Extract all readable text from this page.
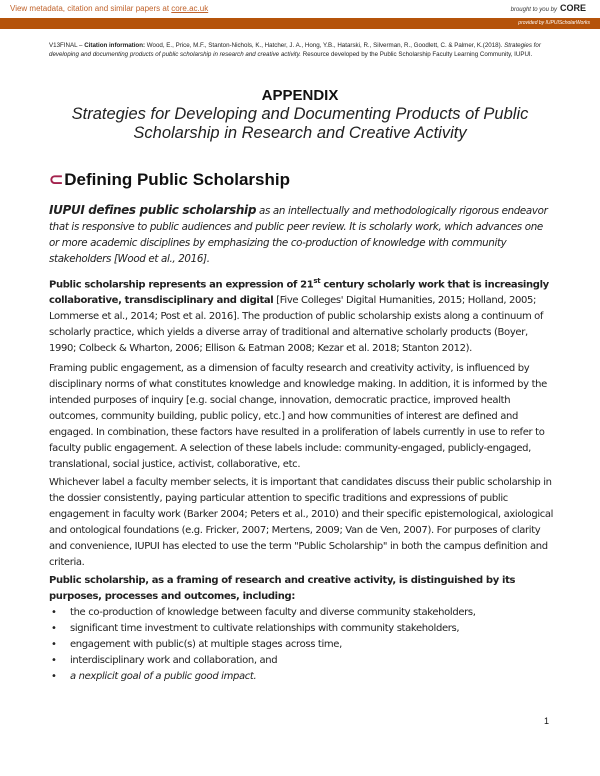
View metadata, citation and similar papers at core.ac.uk	brought to you by CORE
provided by IUPUIScholarWorks
V13FINAL – Citation information: Wood, E., Price, M.F., Stanton-Nichols, K., Hatcher, J. A., Hong, Y.B., Hatarski, R., Silverman, R., Goodlett, C. & Palmer, K.(2018). Strategies for developing and documenting products of public scholarship in research and creative activity. Resource developed by the Public Scholarship Faculty Learning Community, IUPUI.
APPENDIX
Strategies for Developing and Documenting Products of Public Scholarship in Research and Creative Activity
⊂Defining Public Scholarship
IUPUI defines public scholarship as an intellectually and methodologically rigorous endeavor that is responsive to public audiences and public peer review. It is scholarly work, which advances one or more academic disciplines by emphasizing the co-production of knowledge with community stakeholders [Wood et al., 2016].
Public scholarship represents an expression of 21st century scholarly work that is increasingly collaborative, transdisciplinary and digital [Five Colleges' Digital Humanities, 2015; Holland, 2005; Lommerse et al., 2014; Post et al. 2016]. The production of public scholarship exists along a continuum of scholarly practice, which yields a diverse array of traditional and alternative scholarly products (Boyer, 1990; Colbeck & Wharton, 2006; Ellison & Eatman 2008; Kezar et al. 2018; Stanton 2012).
Framing public engagement, as a dimension of faculty research and creativity activity, is influenced by disciplinary norms of what constitutes knowledge and knowledge making. In addition, it is informed by the intended purposes of inquiry [e.g. social change, innovation, democratic practice, improved health outcomes, community building, public policy, etc.] and how communities of interest are defined and engaged. In combination, these factors have resulted in a proliferation of labels currently in use to refer to faculty public engagement. A selection of these labels include: community-engaged, publicly-engaged, translational, social justice, activist, collaborative, etc.
Whichever label a faculty member selects, it is important that candidates discuss their public scholarship in the dossier consistently, paying particular attention to specific traditions and expressions of public engagement in faculty work (Barker 2004; Peters et al., 2010) and their specific epistemological, axiological and ontological foundations (e.g. Fricker, 2007; Mertens, 2009; Van de Ven, 2007). For purposes of clarity and convenience, IUPUI has elected to use the term "Public Scholarship" in both the campus definition and criteria.
Public scholarship, as a framing of research and creative activity, is distinguished by its purposes, processes and outcomes, including:
• the co-production of knowledge between faculty and diverse community stakeholders,
• significant time investment to cultivate relationships with community stakeholders,
• engagement with public(s) at multiple stages across time,
• interdisciplinary work and collaboration, and
• a nexplicit goal of a public good impact.
1
